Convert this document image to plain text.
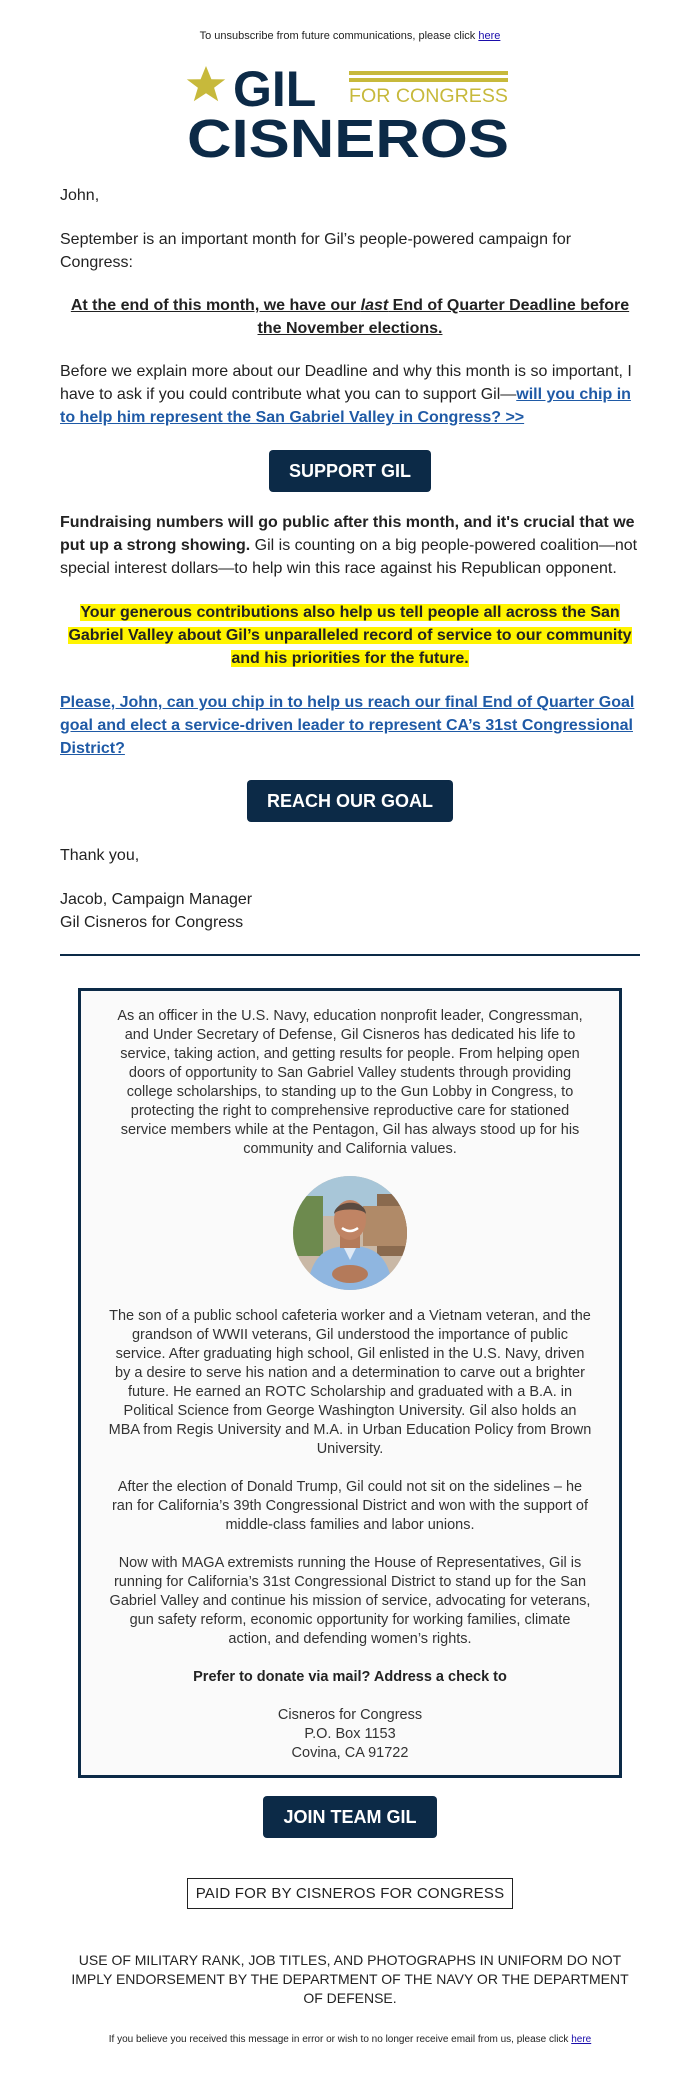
To unsubscribe from future communications, please click here
GIL FOR CONGRESS
CISNEROS

John,

September is an important month for Gil’s people-powered campaign for Congress:

At the end of this month, we have our last End of Quarter Deadline before the November elections.

Before we explain more about our Deadline and why this month is so important, I have to ask if you could contribute what you can to support Gil—will you chip in to help him represent the San Gabriel Valley in Congress? >>

SUPPORT GIL

Fundraising numbers will go public after this month, and it's crucial that we put up a strong showing. Gil is counting on a big people-powered coalition—not special interest dollars—to help win this race against his Republican opponent.

Your generous contributions also help us tell people all across the San Gabriel Valley about Gil’s unparalleled record of service to our community and his priorities for the future.

Please, John, can you chip in to help us reach our final End of Quarter Goal goal and elect a service-driven leader to represent CA’s 31st Congressional District?

REACH OUR GOAL

Thank you,

Jacob, Campaign Manager

Gil Cisneros for Congress

As an officer in the U.S. Navy, education nonprofit leader, Congressman, and Under Secretary of Defense, Gil Cisneros has dedicated his life to service, taking action, and getting results for people. From helping open doors of opportunity to San Gabriel Valley students through providing college scholarships, to standing up to the Gun Lobby in Congress, to protecting the right to comprehensive reproductive care for stationed service members while at the Pentagon, Gil has always stood up for his community and California values.

The son of a public school cafeteria worker and a Vietnam veteran, and the grandson of WWII veterans, Gil understood the importance of public service. After graduating high school, Gil enlisted in the U.S. Navy, driven by a desire to serve his nation and a determination to carve out a brighter future. He earned an ROTC Scholarship and graduated with a B.A. in Political Science from George Washington University. Gil also holds an MBA from Regis University and M.A. in Urban Education Policy from Brown University.

After the election of Donald Trump, Gil could not sit on the sidelines – he ran for California’s 39th Congressional District and won with the support of middle-class families and labor unions.

Now with MAGA extremists running the House of Representatives, Gil is running for California’s 31st Congressional District to stand up for the San Gabriel Valley and continue his mission of service, advocating for veterans, gun safety reform, economic opportunity for working families, climate action, and defending women’s rights.

Prefer to donate via mail? Address a check to

Cisneros for Congress

P.O. Box 1153

Covina, CA 91722

JOIN TEAM GIL
PAID FOR BY CISNEROS FOR CONGRESS

USE OF MILITARY RANK, JOB TITLES, AND PHOTOGRAPHS IN UNIFORM DO NOT IMPLY ENDORSEMENT BY THE DEPARTMENT OF THE NAVY OR THE DEPARTMENT OF DEFENSE.

If you believe you received this message in error or wish to no longer receive email from us, please click here
